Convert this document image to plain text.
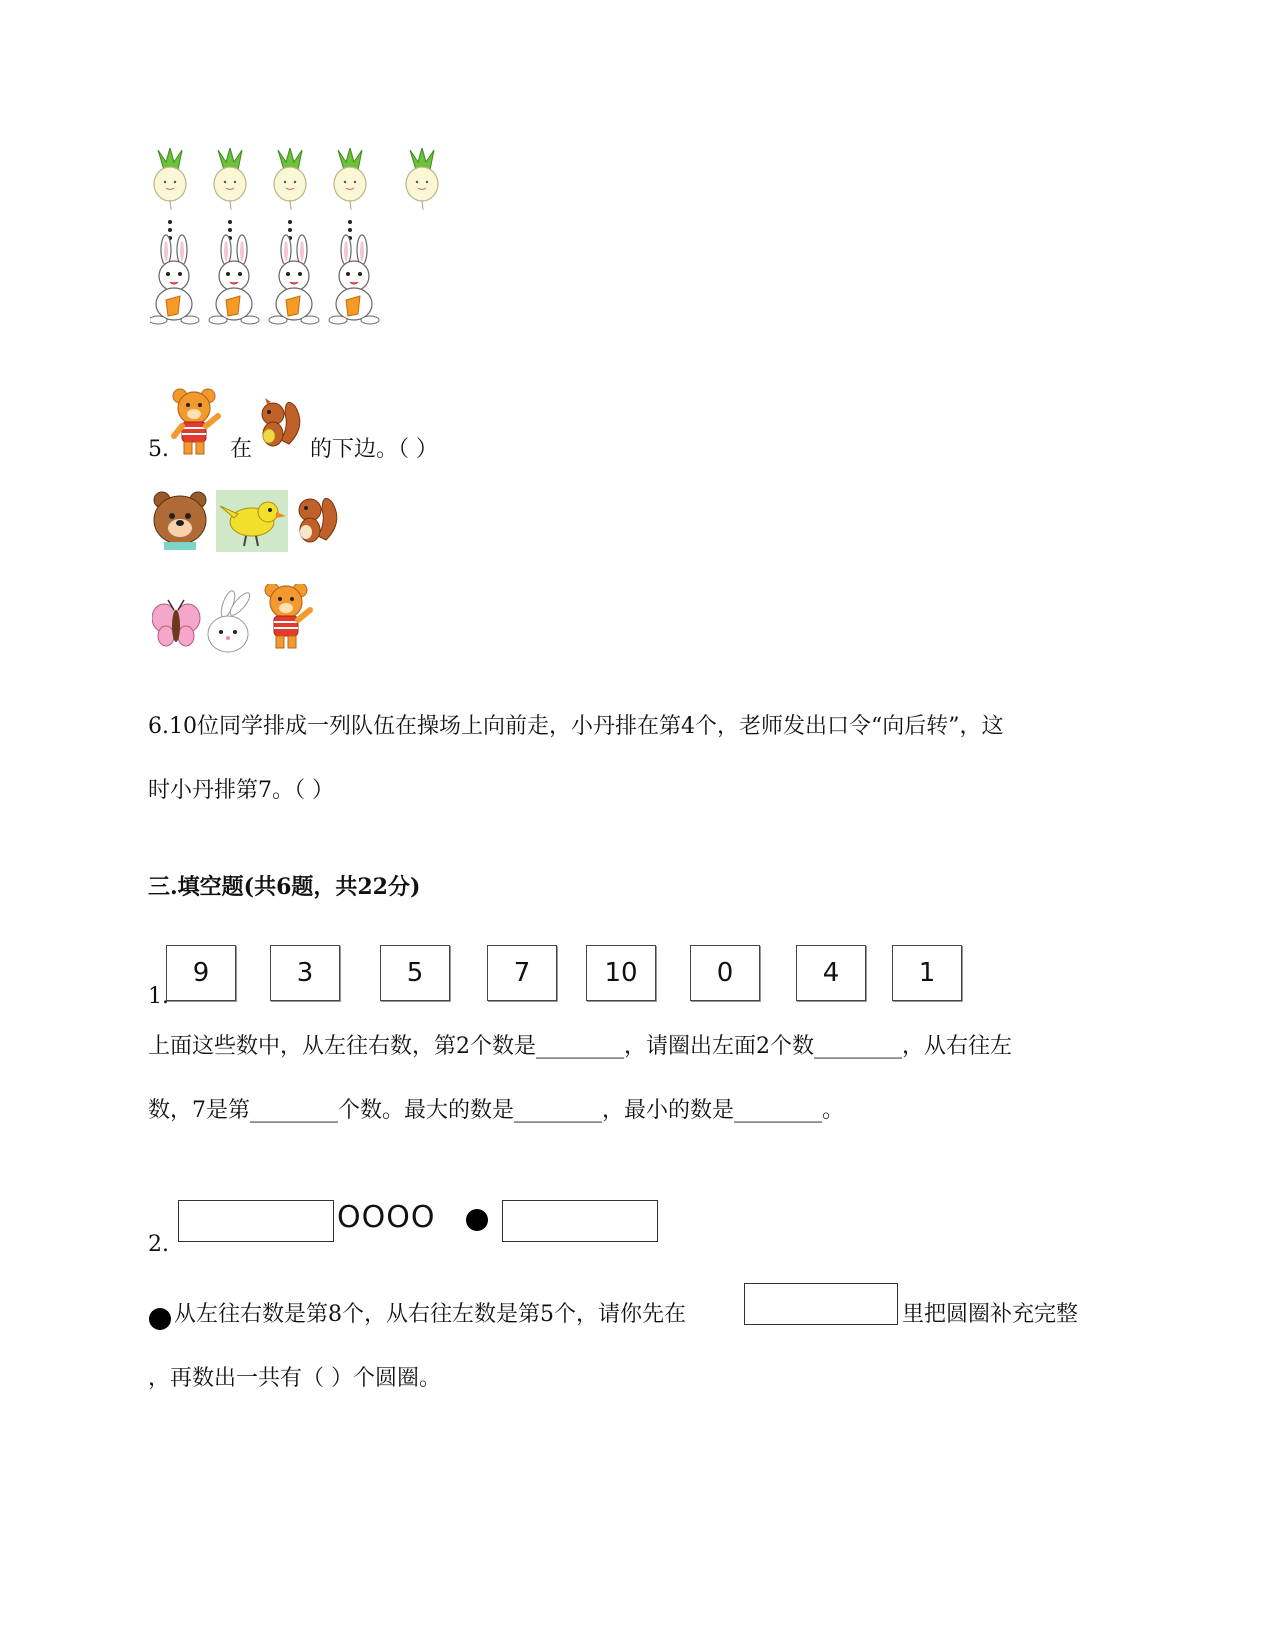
5.	在	的下边。（ ）
6.10位同学排成一列队伍在操场上向前走，小丹排在第4个，老师发出口令“向后转”，这
时小丹排第7。（ ）
三.填空题(共6题，共22分)
1.
9	3	5	7	10	0	4	1
上面这些数中，从左往右数，第2个数是________，请圈出左面2个数________，从右往左
数，7是第________个数。最大的数是________，最小的数是________。
2.
OOOO
从左往右数是第8个，从右往左数是第5个，请你先在	里把圆圈补充完整
，再数出一共有（ ）个圆圈。
